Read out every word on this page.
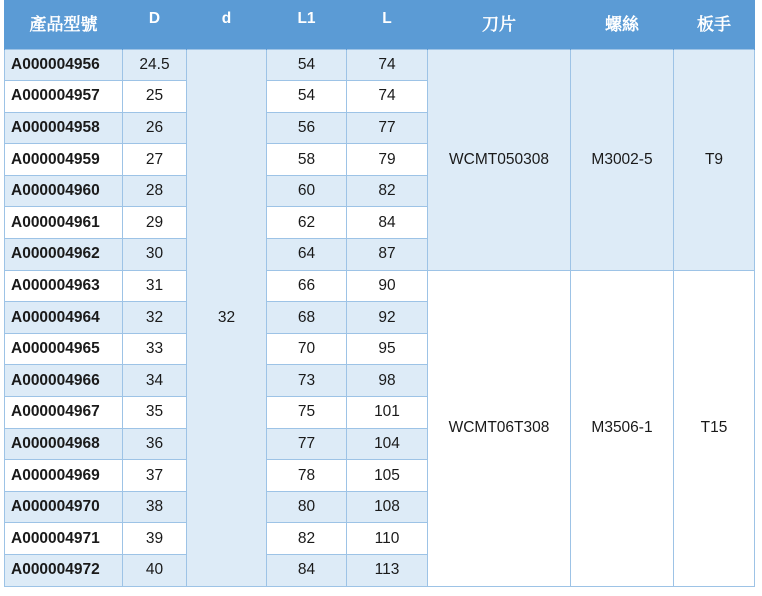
產品型號	D	d	L1	L	刀片	螺絲	板手
A000004956	24.5	32	54	74	WCMT050308	M3002-5	T9
A000004957	25		54	74			
A000004958	26		56	77			
A000004959	27		58	79			
A000004960	28		60	82			
A000004961	29		62	84			
A000004962	30		64	87			
A000004963	31		66	90	WCMT06T308	M3506-1	T15
A000004964	32		68	92			
A000004965	33		70	95			
A000004966	34		73	98			
A000004967	35		75	101			
A000004968	36		77	104			
A000004969	37		78	105			
A000004970	38		80	108			
A000004971	39		82	110			
A000004972	40		84	113			
